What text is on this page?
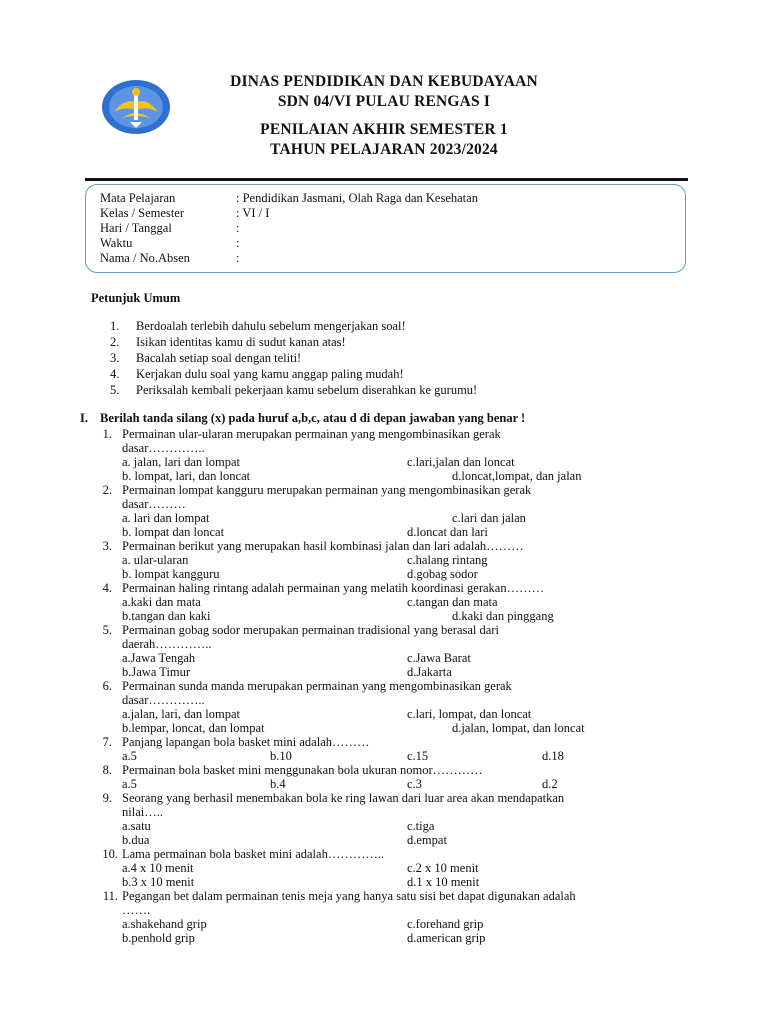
DINAS PENDIDIKAN DAN KEBUDAYAAN
SDN 04/VI PULAU RENGAS I
PENILAIAN AKHIR SEMESTER 1
TAHUN PELAJARAN 2023/2024
Mata Pelajaran	: Pendidikan Jasmani, Olah Raga dan Kesehatan
Kelas / Semester	: VI / I
Hari / Tanggal	:
Waktu	:
Nama / No.Absen	:
Petunjuk Umum
1. Berdoalah terlebih dahulu sebelum mengerjakan soal!
2. Isikan identitas kamu di sudut kanan atas!
3. Bacalah setiap soal dengan teliti!
4. Kerjakan dulu soal yang kamu anggap paling mudah!
5. Periksalah kembali pekerjaan kamu sebelum diserahkan ke gurumu!
I. Berilah tanda silang (x) pada huruf a,b,c, atau d di depan jawaban yang benar !
1. Permainan ular-ularan merupakan permainan yang mengombinasikan gerak
dasar…………..
a. jalan, lari dan lompat
b. lompat, lari, dan loncat
c.lari,jalan dan loncat
d.loncat,lompat, dan jalan
2. Permainan lompat kangguru merupakan permainan yang mengombinasikan gerak
dasar………
a. lari dan lompat
b. lompat dan loncat
c.lari dan jalan
d.loncat dan lari
3. Permainan berikut yang merupakan hasil kombinasi jalan dan lari adalah………
a. ular-ularan
b. lompat kangguru
c.halang rintang
d.gobag sodor
4. Permainan haling rintang adalah permainan yang melatih koordinasi gerakan………
a.kaki dan mata
b.tangan dan kaki
c.tangan dan mata
d.kaki dan pinggang
5. Permainan gobag sodor merupakan permainan tradisional yang berasal dari
daerah…………..
a.Jawa Tengah
b.Jawa Timur
c.Jawa Barat
d.Jakarta
6. Permainan sunda manda merupakan permainan yang mengombinasikan gerak
dasar…………..
a.jalan, lari, dan lompat
b.lempar, loncat, dan lompat
c.lari, lompat, dan loncat
d.jalan, lompat, dan loncat
7. Panjang lapangan bola basket mini adalah………
a.5	b.10	c.15	d.18
8. Permainan bola basket mini menggunakan bola ukuran nomor…………
a.5	b.4	c.3	d.2
9. Seorang yang berhasil menembakan bola ke ring lawan dari luar area akan mendapatkan
nilai…..
a.satu
b.dua
c.tiga
d.empat
10. Lama permainan bola basket mini adalah…………..
a.4 x 10 menit
b.3 x 10 menit
c.2 x 10 menit
d.1 x 10 menit
11. Pegangan bet dalam permainan tenis meja yang hanya satu sisi bet dapat digunakan adalah
…….
a.shakehand grip
b.penhold grip
c.forehand grip
d.american grip
